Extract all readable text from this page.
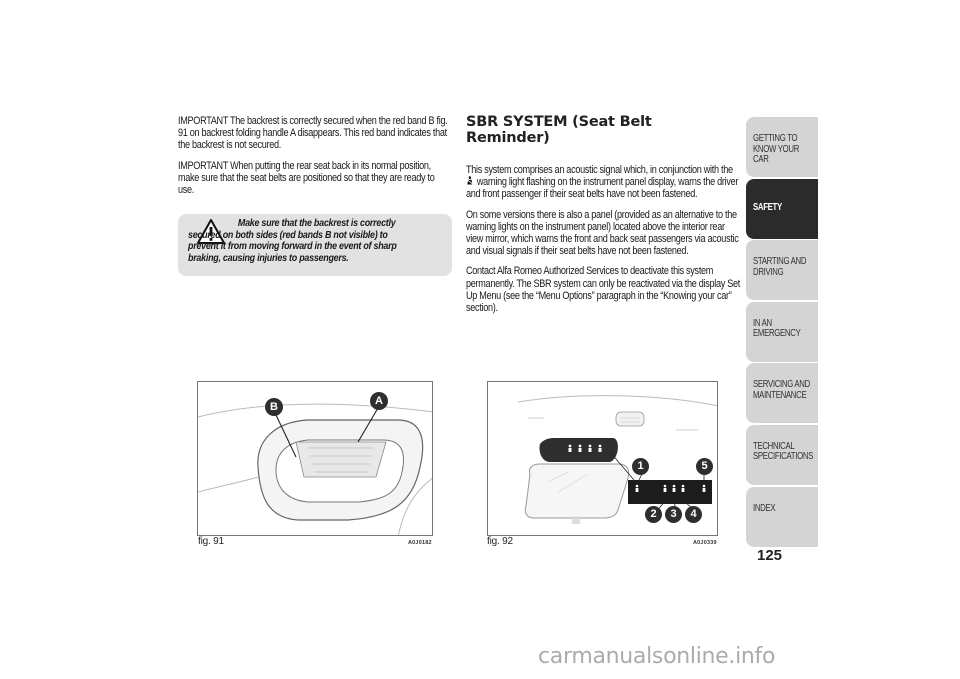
IMPORTANT The backrest is correctly secured when the red band B fig. 91 on backrest folding handle A disappears. This red band indicates that the backrest is not secured.

IMPORTANT When putting the rear seat back in its normal position, make sure that the seat belts are positioned so that they are ready to use.

Make sure that the backrest is correctly secured on both sides (red bands B not visible) to prevent it from moving forward in the event of sharp braking, causing injuries to passengers.
SBR SYSTEM (Seat Belt
Reminder)

This system comprises an acoustic signal which, in conjunction with the  warning light flashing on the instrument panel display, warns the driver and front passenger if their seat belts have not been fastened.

On some versions there is also a panel (provided as an alternative to the warning lights on the instrument panel) located above the interior rear view mirror, which warns the front and back seat passengers via acoustic and visual signals if their seat belts have not been fastened.

Contact Alfa Romeo Authorized Services to deactivate this system permanently. The SBR system can only be reactivated via the display Set Up Menu (see the “Menu Options” paragraph in the “Knowing your car” section).

B	A
fig. 91	A0J0182
1	5
2	3	4
fig. 92	A0J0339
GETTING TO KNOW YOUR CAR
SAFETY
STARTING AND DRIVING
IN AN EMERGENCY
SERVICING AND MAINTENANCE
TECHNICAL SPECIFICATIONS
INDEX
125
carmanualsonline.info
